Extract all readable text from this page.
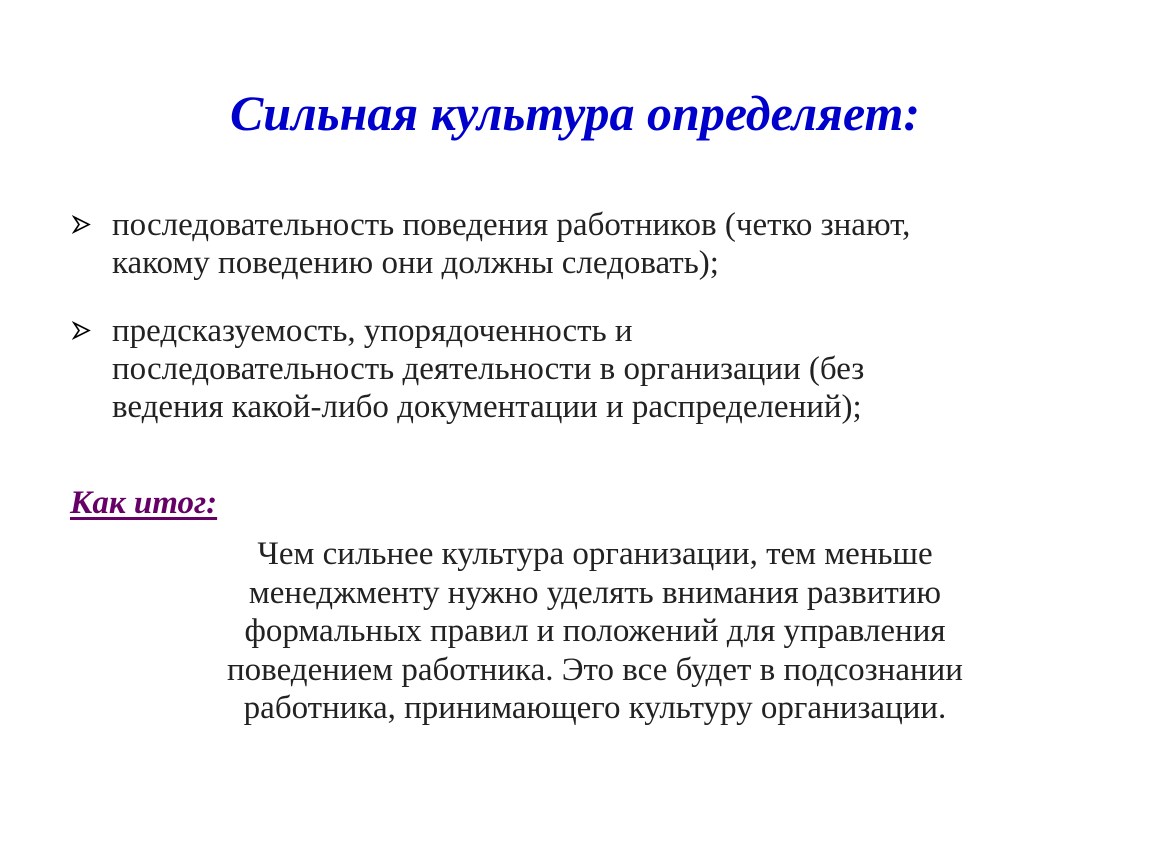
Сильная культура определяет:
последовательность поведения работников (четко знают,
какому поведению они должны следовать);
предсказуемость, упорядоченность и
последовательность деятельности в организации (без
ведения какой-либо документации и распределений);
Как итог:
Чем сильнее культура организации, тем меньше
менеджменту нужно уделять внимания развитию
формальных правил и положений для управления
поведением работника. Это все будет в подсознании
работника, принимающего культуру организации.
